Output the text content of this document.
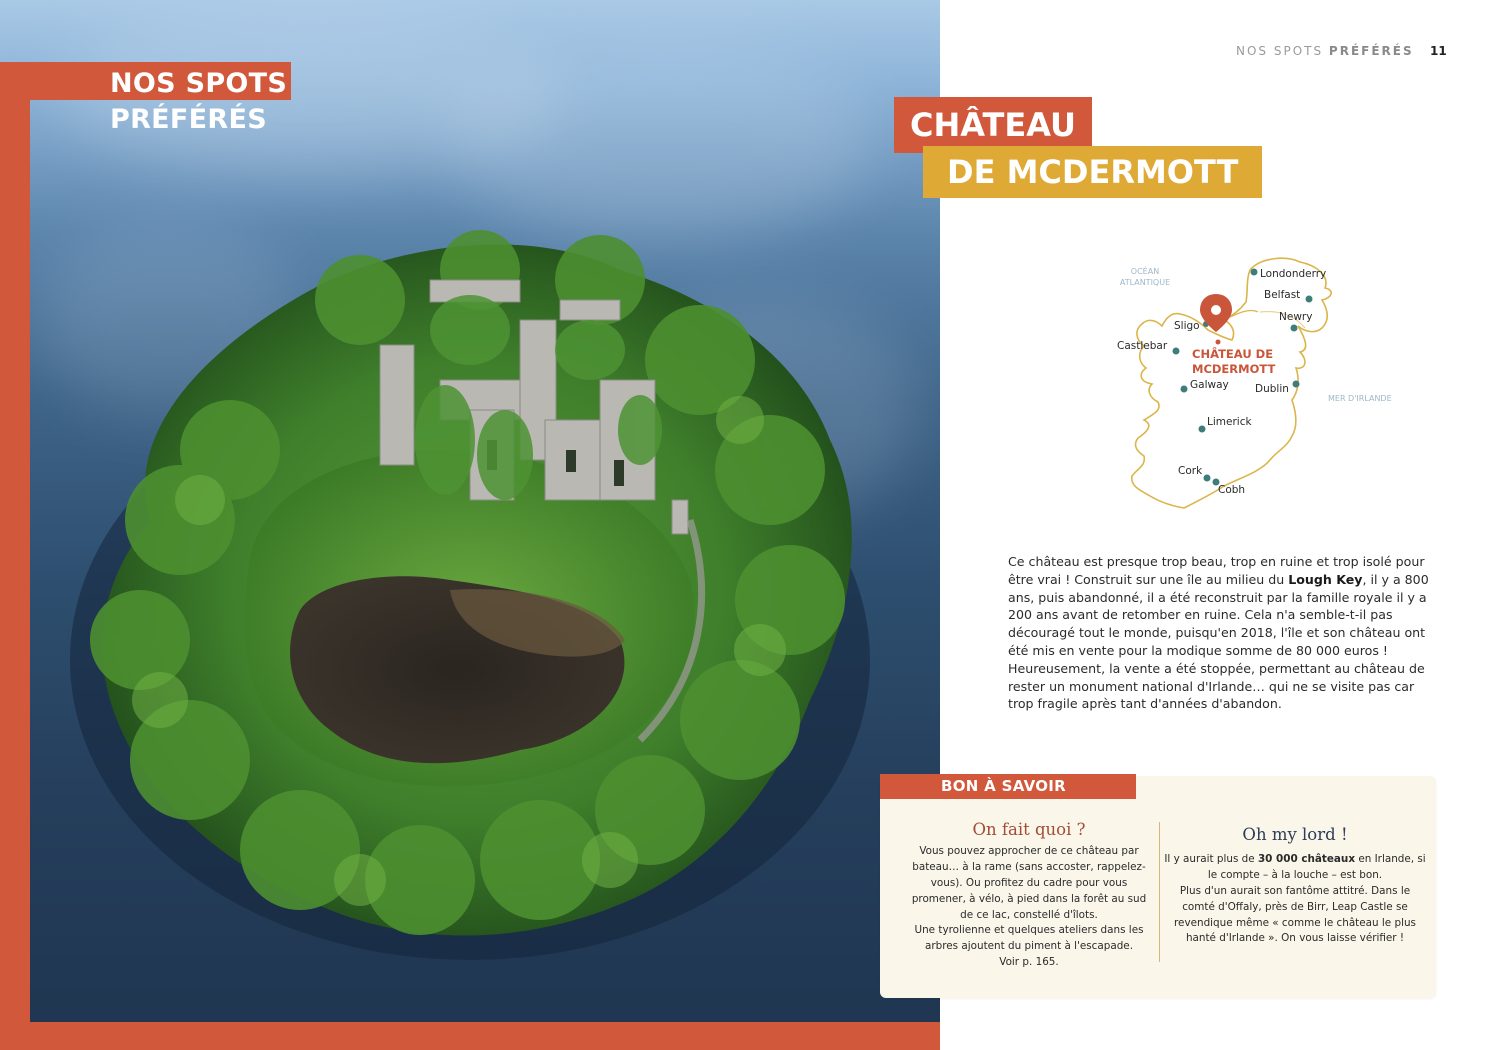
NOS SPOTS
PRÉFÉRÉS
NOS SPOTS PRÉFÉRÉS 11
CHÂTEAU
DE MCDERMOTT
OCÉAN
ATLANTIQUE
MER D'IRLANDE
Londonderry
Belfast
Newry
Sligo
Castlebar
Galway	Dublin
Limerick
Cork
Cobh
CHÂTEAU DE
MCDERMOTT
Ce château est presque trop beau, trop en ruine et trop isolé pour être vrai ! Construit sur une île au milieu du Lough Key, il y a 800 ans, puis abandonné, il a été reconstruit par la famille royale il y a 200 ans avant de retomber en ruine. Cela n'a semble-t-il pas découragé tout le monde, puisqu'en 2018, l'île et son château ont été mis en vente pour la modique somme de 80 000 euros ! Heureusement, la vente a été stoppée, permettant au château de rester un monument national d'Irlande… qui ne se visite pas car trop fragile après tant d'années d'abandon.
BON À SAVOIR
On fait quoi ?
Vous pouvez approcher de ce château par bateau… à la rame (sans accoster, rappelez-vous). Ou profitez du cadre pour vous promener, à vélo, à pied dans la forêt au sud de ce lac, constellé d'îlots.
Une tyrolienne et quelques ateliers dans les arbres ajoutent du piment à l'escapade.
Voir p. 165.
Oh my lord !
Il y aurait plus de 30 000 châteaux en Irlande, si le compte – à la louche – est bon.
Plus d'un aurait son fantôme attitré. Dans le comté d'Offaly, près de Birr, Leap Castle se revendique même « comme le château le plus hanté d'Irlande ». On vous laisse vérifier !
